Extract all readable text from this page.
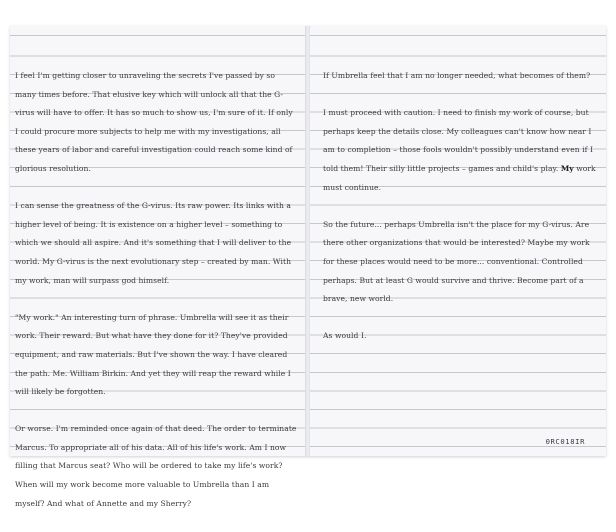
I feel I'm getting closer to unraveling the secrets I've passed by so many times before. That elusive key which will unlock all that the G-virus will have to offer. It has so much to show us, I'm sure of it. If only I could procure more subjects to help me with my investigations, all these years of labor and careful investigation could reach some kind of glorious resolution.

I can sense the greatness of the G-virus. Its raw power. Its links with a higher level of being. It is existence on a higher level – something to which we should all aspire. And it's something that I will deliver to the world. My G-virus is the next evolutionary step – created by man. With my work, man will surpass god himself.

"My work." An interesting turn of phrase. Umbrella will see it as their work. Their reward. But what have they done for it? They've provided equipment, and raw materials. But I've shown the way. I have cleared the path. Me. William Birkin. And yet they will reap the reward while I will likely be forgotten.

Or worse. I'm reminded once again of that deed. The order to terminate Marcus. To appropriate all of his data. All of his life's work. Am I now filling that Marcus seat? Who will be ordered to take my life's work? When will my work become more valuable to Umbrella than I am myself? And what of Annette and my Sherry?

If Umbrella feel that I am no longer needed, what becomes of them?

I must proceed with caution. I need to finish my work of course, but perhaps keep the details close. My colleagues can't know how near I am to completion – those fools wouldn't possibly understand even if I told them! Their silly little projects – games and child's play. My work must continue.

So the future... perhaps Umbrella isn't the place for my G-virus. Are there other organizations that would be interested? Maybe my work for these places would need to be more... conventional. Controlled perhaps. But at least G would survive and thrive. Become part of a brave, new world.

As would I.

0RC018IR
